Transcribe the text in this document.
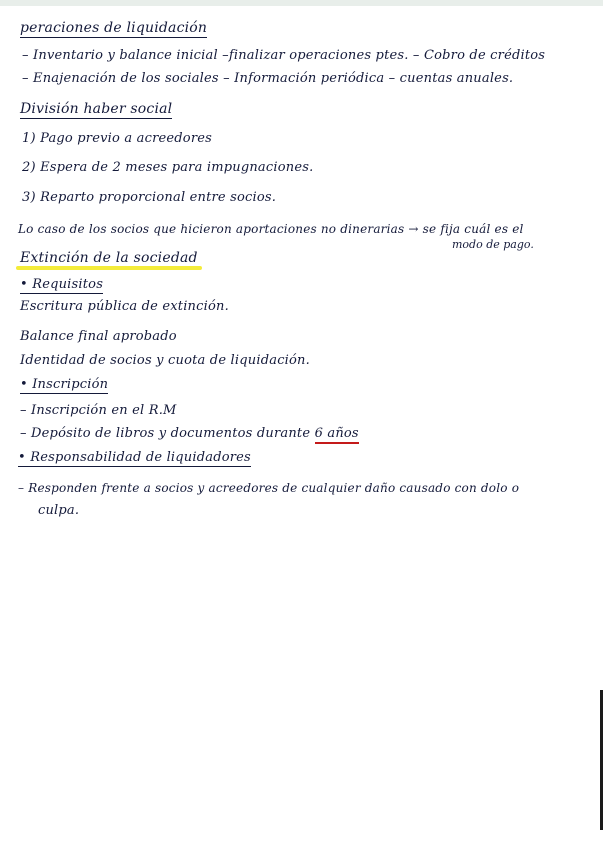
peraciones de liquidación
– Inventario y balance inicial –finalizar operaciones ptes. – Cobro de créditos
– Enajenación de los sociales – Información periódica – cuentas anuales.
División haber social
1) Pago previo a acreedores
2) Espera de 2 meses para impugnaciones.
3) Reparto proporcional entre socios.
Lo caso de los socios que hicieron aportaciones no dinerarias → se fija cuál es el
modo de pago.
Extinción de la sociedad
• Requisitos
Escritura pública de extinción.
Balance final aprobado
Identidad de socios y cuota de liquidación.
• Inscripción
– Inscripción en el R.M
– Depósito de libros y documentos durante 6 años
• Responsabilidad de liquidadores
– Responden frente a socios y acreedores de cualquier daño causado con dolo o
culpa.
